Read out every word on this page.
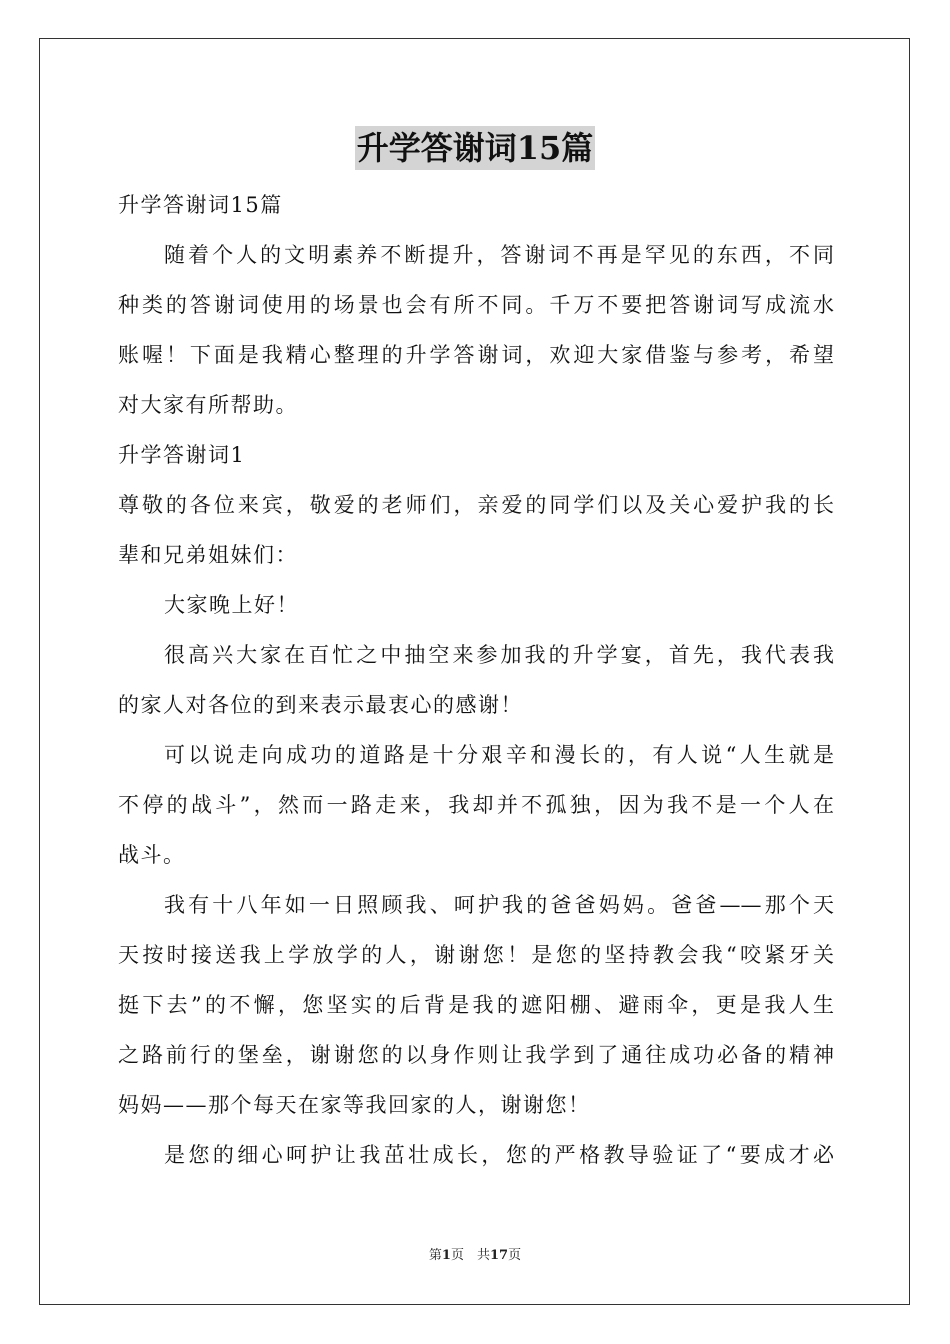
升学答谢词15篇
升学答谢词15篇
随着个人的文明素养不断提升，答谢词不再是罕见的东西，不同
种类的答谢词使用的场景也会有所不同。千万不要把答谢词写成流水
账喔！下面是我精心整理的升学答谢词，欢迎大家借鉴与参考，希望
对大家有所帮助。
升学答谢词1
尊敬的各位来宾，敬爱的老师们，亲爱的同学们以及关心爱护我的长
辈和兄弟姐妹们：
大家晚上好！
很高兴大家在百忙之中抽空来参加我的升学宴，首先，我代表我
的家人对各位的到来表示最衷心的感谢！
可以说走向成功的道路是十分艰辛和漫长的，有人说“人生就是
不停的战斗”，然而一路走来，我却并不孤独，因为我不是一个人在
战斗。
我有十八年如一日照顾我、呵护我的爸爸妈妈。爸爸——那个天
天按时接送我上学放学的人，谢谢您！是您的坚持教会我“咬紧牙关
挺下去”的不懈，您坚实的后背是我的遮阳棚、避雨伞，更是我人生
之路前行的堡垒，谢谢您的以身作则让我学到了通往成功必备的精神
妈妈——那个每天在家等我回家的人，谢谢您！
是您的细心呵护让我茁壮成长，您的严格教导验证了“要成才必
第1页　共17页
